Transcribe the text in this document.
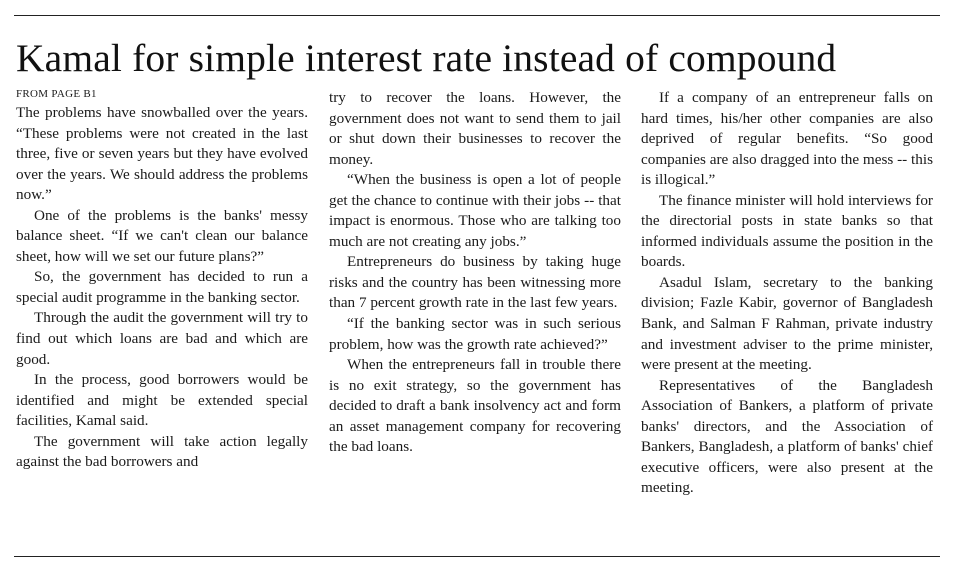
Kamal for simple interest rate instead of compound
FROM PAGE B1

The problems have snowballed over the years. “These problems were not created in the last three, five or seven years but they have evolved over the years. We should address the problems now.”

One of the problems is the banks' messy balance sheet. “If we can't clean our balance sheet, how will we set our future plans?”

So, the government has decided to run a special audit programme in the banking sector.

Through the audit the government will try to find out which loans are bad and which are good.

In the process, good borrowers would be identified and might be extended special facilities, Kamal said.

The government will take action legally against the bad borrowers and

try to recover the loans. However, the government does not want to send them to jail or shut down their businesses to recover the money.

“When the business is open a lot of people get the chance to continue with their jobs -- that impact is enormous. Those who are talking too much are not creating any jobs.”

Entrepreneurs do business by taking huge risks and the country has been witnessing more than 7 percent growth rate in the last few years.

“If the banking sector was in such serious problem, how was the growth rate achieved?”

When the entrepreneurs fall in trouble there is no exit strategy, so the government has decided to draft a bank insolvency act and form an asset management company for recovering the bad loans.

If a company of an entrepreneur falls on hard times, his/her other companies are also deprived of regular benefits. “So good companies are also dragged into the mess -- this is illogical.”

The finance minister will hold interviews for the directorial posts in state banks so that informed individuals assume the position in the boards.

Asadul Islam, secretary to the banking division; Fazle Kabir, governor of Bangladesh Bank, and Salman F Rahman, private industry and investment adviser to the prime minister, were present at the meeting.

Representatives of the Bangladesh Association of Bankers, a platform of private banks' directors, and the Association of Bankers, Bangladesh, a platform of banks' chief executive officers, were also present at the meeting.
